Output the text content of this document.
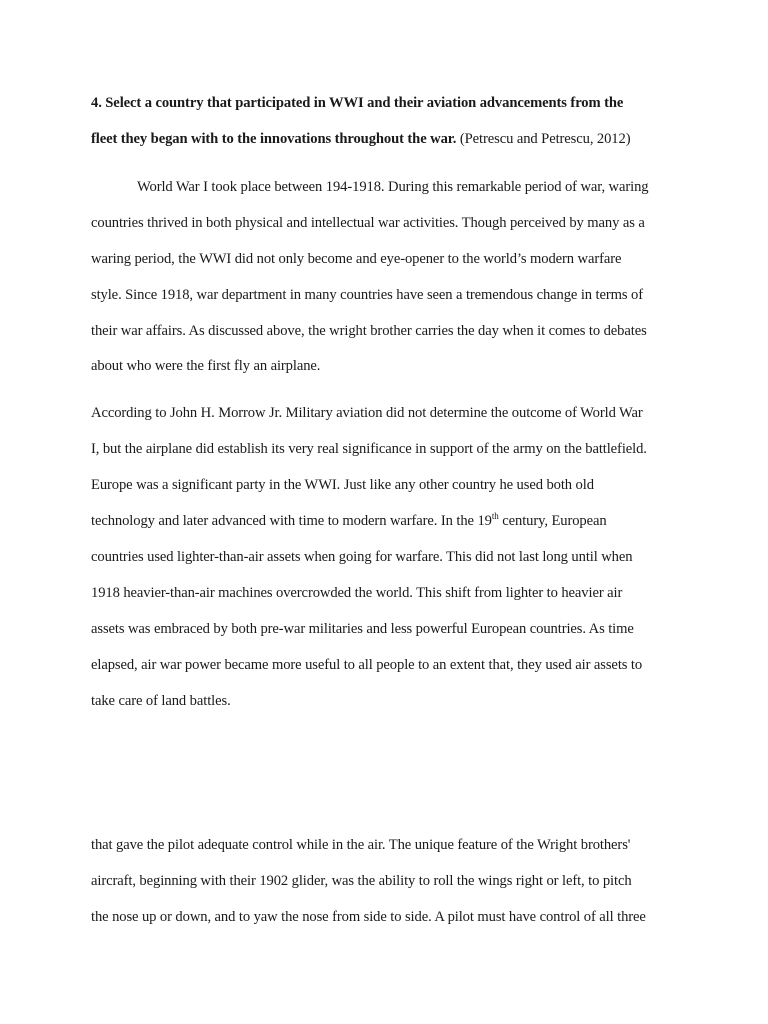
4. Select a country that participated in WWI and their aviation advancements from the
fleet they began with to the innovations throughout the war. (Petrescu and Petrescu, 2012)
World War I took place between 194-1918. During this remarkable period of war, waring
countries thrived in both physical and intellectual war activities. Though perceived by many as a
waring period, the WWI did not only become and eye-opener to the world’s modern warfare
style. Since 1918, war department in many countries have seen a tremendous change in terms of
their war affairs. As discussed above, the wright brother carries the day when it comes to debates
about who were the first fly an airplane.
According to John H. Morrow Jr. Military aviation did not determine the outcome of World War
I, but the airplane did establish its very real significance in support of the army on the battlefield.
Europe was a significant party in the WWI. Just like any other country he used both old
technology and later advanced with time to modern warfare. In the 19th century, European
countries used lighter-than-air assets when going for warfare. This did not last long until when
1918 heavier-than-air machines overcrowded the world. This shift from lighter to heavier air
assets was embraced by both pre-war militaries and less powerful European countries. As time
elapsed, air war power became more useful to all people to an extent that, they used air assets to
take care of land battles.
that gave the pilot adequate control while in the air. The unique feature of the Wright brothers'
aircraft, beginning with their 1902 glider, was the ability to roll the wings right or left, to pitch
the nose up or down, and to yaw the nose from side to side. A pilot must have control of all three
